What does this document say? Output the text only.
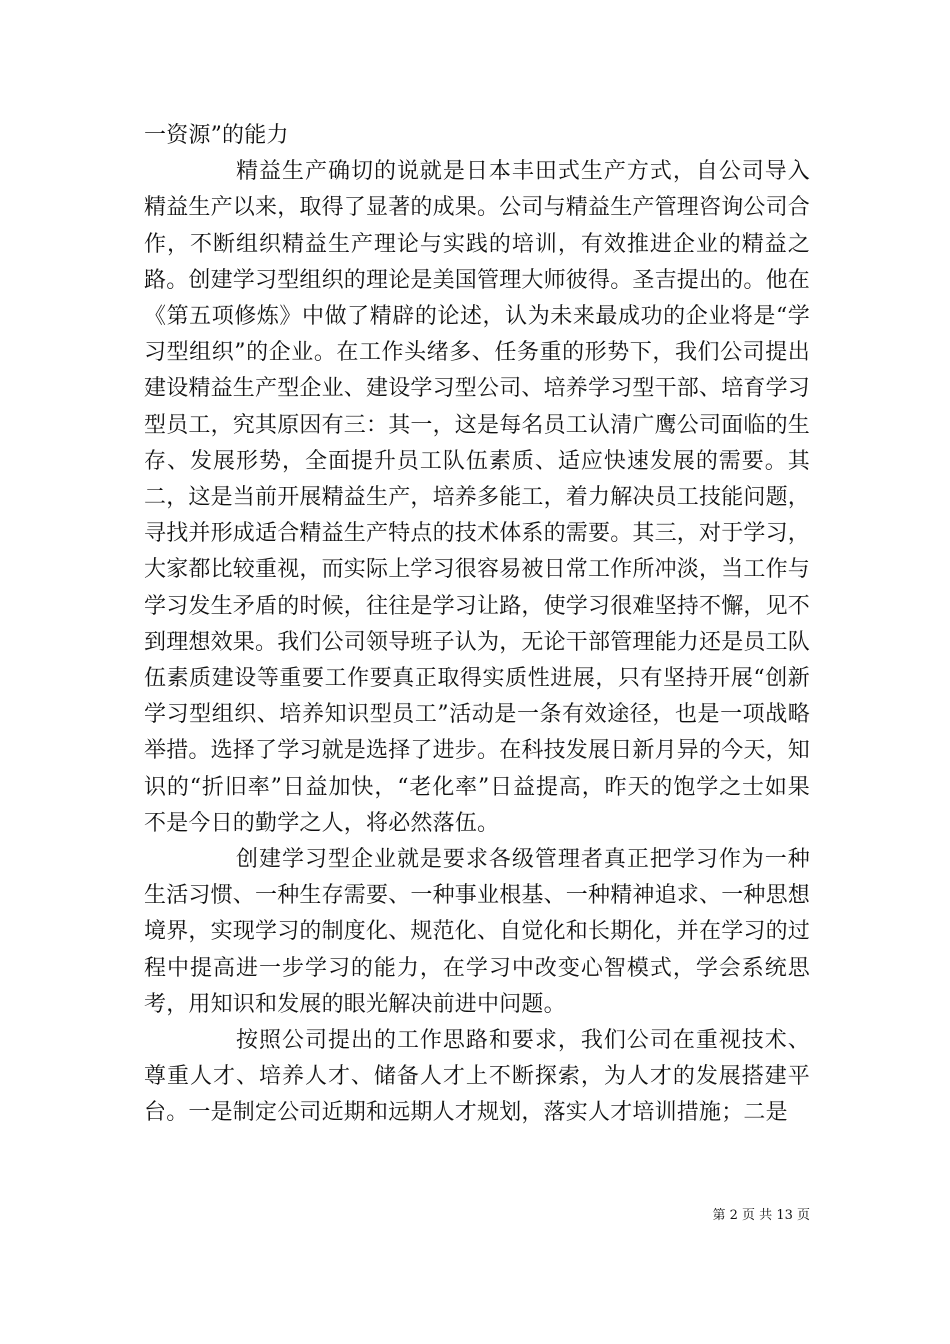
一资源”的能力

精益生产确切的说就是日本丰田式生产方式，自公司导入精益生产以来，取得了显著的成果。公司与精益生产管理咨询公司合作，不断组织精益生产理论与实践的培训，有效推进企业的精益之路。创建学习型组织的理论是美国管理大师彼得。圣吉提出的。他在《第五项修炼》中做了精辟的论述，认为未来最成功的企业将是“学习型组织”的企业。在工作头绪多、任务重的形势下，我们公司提出建设精益生产型企业、建设学习型公司、培养学习型干部、培育学习型员工，究其原因有三：其一，这是每名员工认清广鹰公司面临的生存、发展形势，全面提升员工队伍素质、适应快速发展的需要。其二，这是当前开展精益生产，培养多能工，着力解决员工技能问题，寻找并形成适合精益生产特点的技术体系的需要。其三，对于学习，大家都比较重视，而实际上学习很容易被日常工作所冲淡，当工作与学习发生矛盾的时候，往往是学习让路，使学习很难坚持不懈，见不到理想效果。我们公司领导班子认为，无论干部管理能力还是员工队伍素质建设等重要工作要真正取得实质性进展，只有坚持开展“创新学习型组织、培养知识型员工”活动是一条有效途径，也是一项战略举措。选择了学习就是选择了进步。在科技发展日新月异的今天，知识的“折旧率”日益加快，“老化率”日益提高，昨天的饱学之士如果不是今日的勤学之人，将必然落伍。

创建学习型企业就是要求各级管理者真正把学习作为一种生活习惯、一种生存需要、一种事业根基、一种精神追求、一种思想境界，实现学习的制度化、规范化、自觉化和长期化，并在学习的过程中提高进一步学习的能力，在学习中改变心智模式，学会系统思考，用知识和发展的眼光解决前进中问题。

按照公司提出的工作思路和要求，我们公司在重视技术、尊重人才、培养人才、储备人才上不断探索，为人才的发展搭建平台。一是制定公司近期和远期人才规划，落实人才培训措施；二是

第 2 页 共 13 页
